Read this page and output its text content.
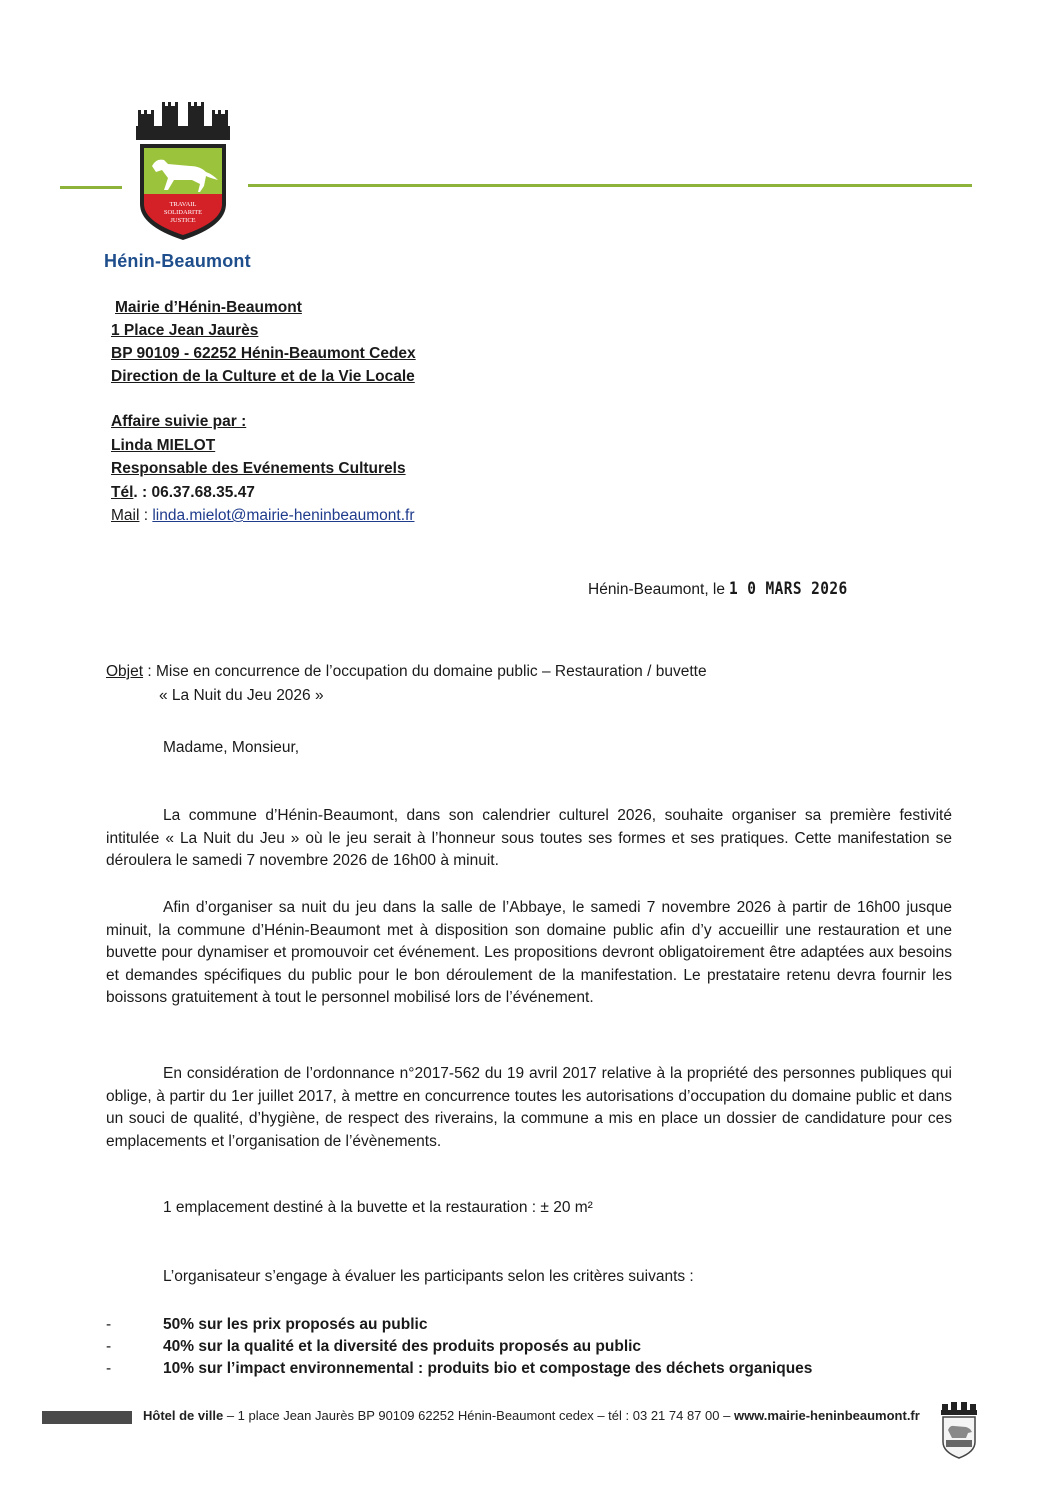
TRAVAIL
SOLIDARITE
JUSTICE
Hénin-Beaumont
Mairie d’Hénin-Beaumont
1 Place Jean Jaurès
BP 90109 - 62252 Hénin-Beaumont Cedex
Direction de la Culture et de la Vie Locale
Affaire suivie par :
Linda MIELOT
Responsable des Evénements Culturels
Tél. : 06.37.68.35.47
Mail : linda.mielot@mairie-heninbeaumont.fr
Hénin-Beaumont, le 1 0 MARS 2026
Objet : Mise en concurrence de l’occupation du domaine public – Restauration / buvette
« La Nuit du Jeu 2026 »
Madame, Monsieur,
La commune d’Hénin-Beaumont, dans son calendrier culturel 2026, souhaite organiser sa première festivité intitulée « La Nuit du Jeu » où le jeu serait à l’honneur sous toutes ses formes et ses pratiques. Cette manifestation se déroulera le samedi 7 novembre 2026 de 16h00 à minuit.
Afin d’organiser sa nuit du jeu dans la salle de l’Abbaye, le samedi 7 novembre 2026 à partir de 16h00 jusque minuit, la commune d’Hénin-Beaumont met à disposition son domaine public afin d’y accueillir une restauration et une buvette pour dynamiser et promouvoir cet événement. Les propositions devront obligatoirement être adaptées aux besoins et demandes spécifiques du public pour le bon déroulement de la manifestation. Le prestataire retenu devra fournir les boissons gratuitement à tout le personnel mobilisé lors de l’événement.
En considération de l’ordonnance n°2017-562 du 19 avril 2017 relative à la propriété des personnes publiques qui oblige, à partir du 1er juillet 2017, à mettre en concurrence toutes les autorisations d’occupation du domaine public et dans un souci de qualité, d’hygiène, de respect des riverains, la commune a mis en place un dossier de candidature pour ces emplacements et l’organisation de l’évènements.
1 emplacement destiné à la buvette et la restauration : ± 20 m²
L’organisateur s’engage à évaluer les participants selon les critères suivants :
-	50% sur les prix proposés au public
-	40% sur la qualité et la diversité des produits proposés au public
-	10% sur l’impact environnemental : produits bio et compostage des déchets organiques
Hôtel de ville – 1 place Jean Jaurès BP 90109 62252 Hénin-Beaumont cedex – tél : 03 21 74 87 00 – www.mairie-heninbeaumont.fr
